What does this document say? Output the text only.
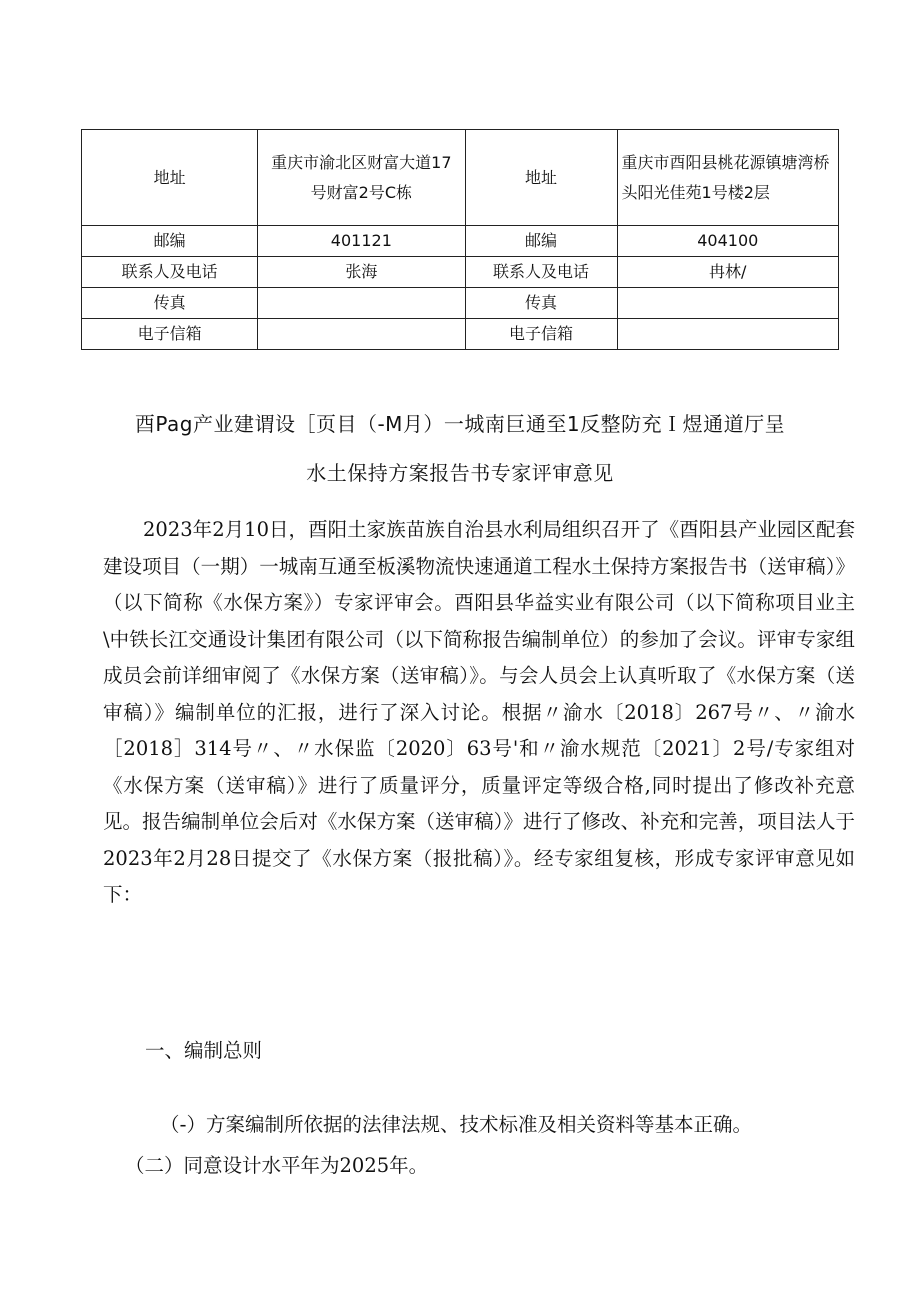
地址	重庆市渝北区财富大道17号财富2号C栋	地址	重庆市酉阳县桃花源镇塘湾桥头阳光佳苑1号楼2层
邮编	401121	邮编	404100
联系人及电话	张海	联系人及电话	冉林/
传真		传真	
电子信箱		电子信箱	
酉Pag产业建谓设［页目（-M月）一城南巨通至1反整防充Ｉ煜通道厅呈
水土保持方案报告书专家评审意见
2023年2月10日，酉阳土家族苗族自治县水利局组织召开了《酉阳县产业园区配套建设项目（一期）一城南互通至板溪物流快速通道工程水土保持方案报告书（送审稿）》（以下简称《水保方案》）专家评审会。酉阳县华益实业有限公司（以下简称项目业主\中铁长江交通设计集团有限公司（以下简称报告编制单位）的参加了会议。评审专家组成员会前详细审阅了《水保方案（送审稿）》。与会人员会上认真听取了《水保方案（送审稿）》编制单位的汇报，进行了深入讨论。根据〃渝水〔2018〕267号〃、〃渝水［2018］314号〃、〃水保监〔2020〕63号'和〃渝水规范〔2021〕2号/专家组对《水保方案（送审稿）》进行了质量评分，质量评定等级合格,同时提出了修改补充意见。报告编制单位会后对《水保方案（送审稿）》进行了修改、补充和完善，项目法人于2023年2月28日提交了《水保方案（报批稿）》。经专家组复核，形成专家评审意见如下：
一、编制总则
（-）方案编制所依据的法律法规、技术标准及相关资料等基本正确。
（二）同意设计水平年为2025年。
